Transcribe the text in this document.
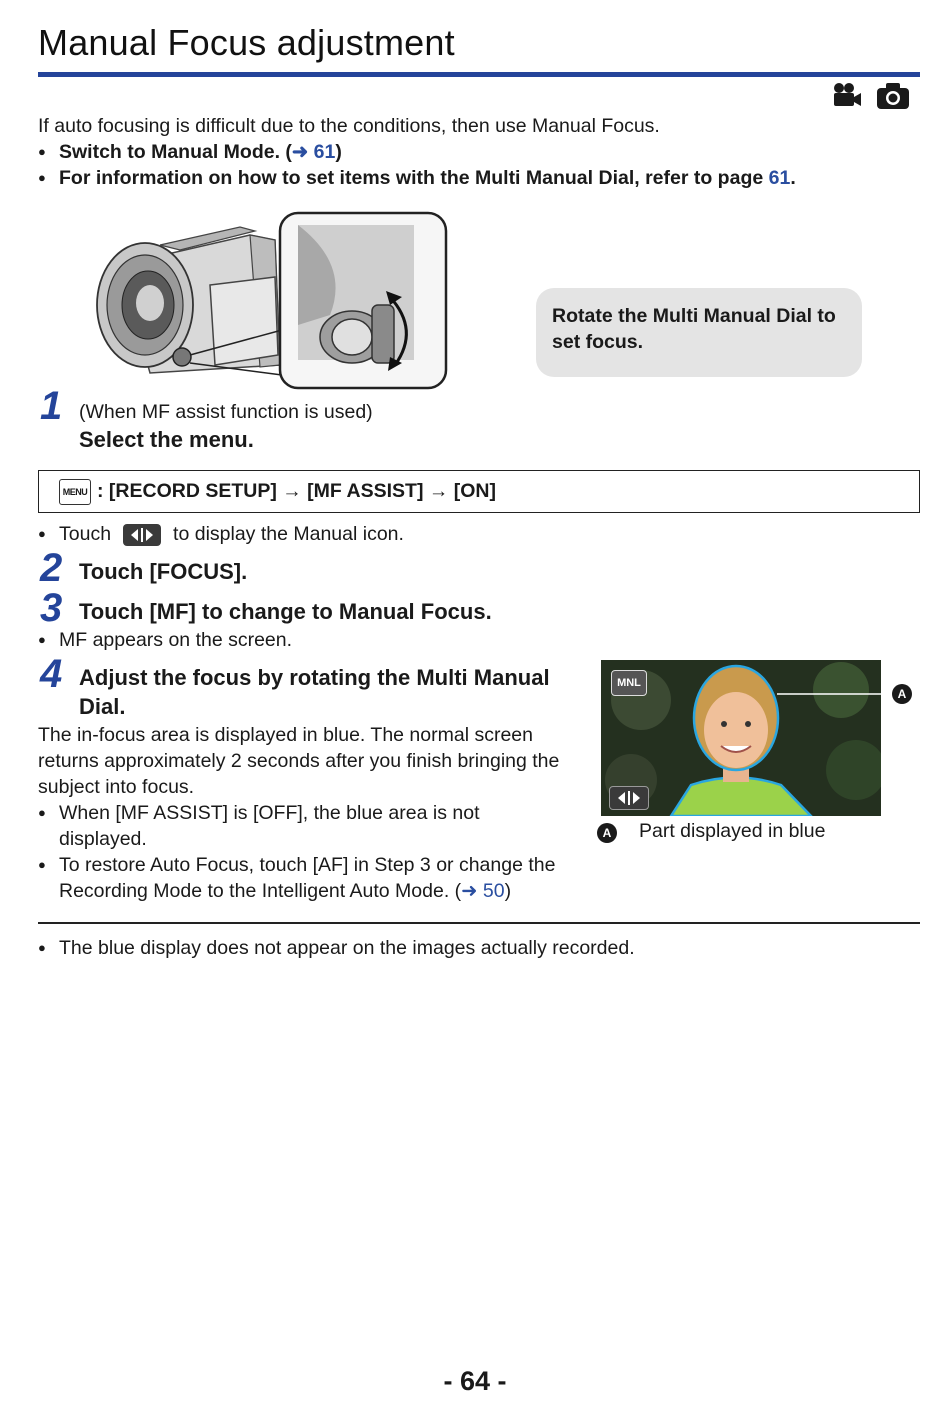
Manual Focus adjustment
If auto focusing is difficult due to the conditions, then use Manual Focus.
● Switch to Manual Mode. (➜ 61)
● For information on how to set items with the Multi Manual Dial, refer to page 61.
Rotate the Multi Manual Dial to set focus.
1 (When MF assist function is used)
Select the menu.
MENU : [RECORD SETUP] → [MF ASSIST] → [ON]
● Touch	to display the Manual icon.
2 Touch [FOCUS].
3 Touch [MF] to change to Manual Focus.
● MF appears on the screen.
4 Adjust the focus by rotating the Multi Manual
Dial.
The in-focus area is displayed in blue. The normal screen
returns approximately 2 seconds after you finish bringing the
subject into focus.
● When [MF ASSIST] is [OFF], the blue area is not
displayed.
● To restore Auto Focus, touch [AF] in Step 3 or change the
Recording Mode to the Intelligent Auto Mode. (➜ 50)
MNL
A
A Part displayed in blue
● The blue display does not appear on the images actually recorded.
- 64 -
